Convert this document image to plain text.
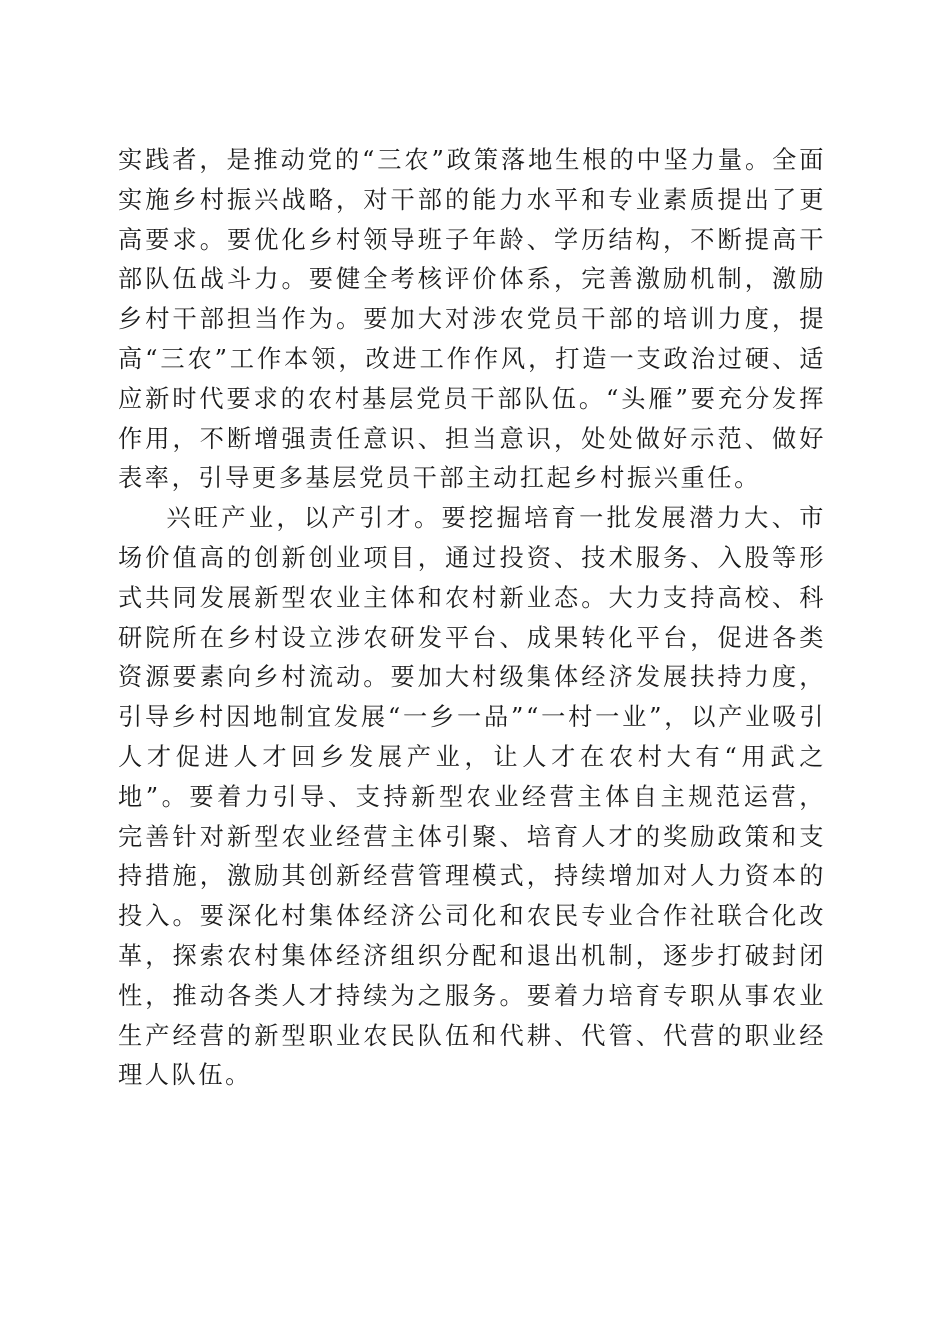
实践者，是推动党的“三农”政策落地生根的中坚力量。全面实施乡村振兴战略，对干部的能力水平和专业素质提出了更高要求。要优化乡村领导班子年龄、学历结构，不断提高干部队伍战斗力。要健全考核评价体系，完善激励机制，激励乡村干部担当作为。要加大对涉农党员干部的培训力度，提高“三农”工作本领，改进工作作风，打造一支政治过硬、适应新时代要求的农村基层党员干部队伍。“头雁”要充分发挥作用，不断增强责任意识、担当意识，处处做好示范、做好表率，引导更多基层党员干部主动扛起乡村振兴重任。

兴旺产业，以产引才。要挖掘培育一批发展潜力大、市场价值高的创新创业项目，通过投资、技术服务、入股等形式共同发展新型农业主体和农村新业态。大力支持高校、科研院所在乡村设立涉农研发平台、成果转化平台，促进各类资源要素向乡村流动。要加大村级集体经济发展扶持力度，引导乡村因地制宜发展“一乡一品”“一村一业”，以产业吸引人才促进人才回乡发展产业，让人才在农村大有“用武之地”。要着力引导、支持新型农业经营主体自主规范运营，完善针对新型农业经营主体引聚、培育人才的奖励政策和支持措施，激励其创新经营管理模式，持续增加对人力资本的投入。要深化村集体经济公司化和农民专业合作社联合化改革，探索农村集体经济组织分配和退出机制，逐步打破封闭性，推动各类人才持续为之服务。要着力培育专职从事农业生产经营的新型职业农民队伍和代耕、代管、代营的职业经理人队伍。
